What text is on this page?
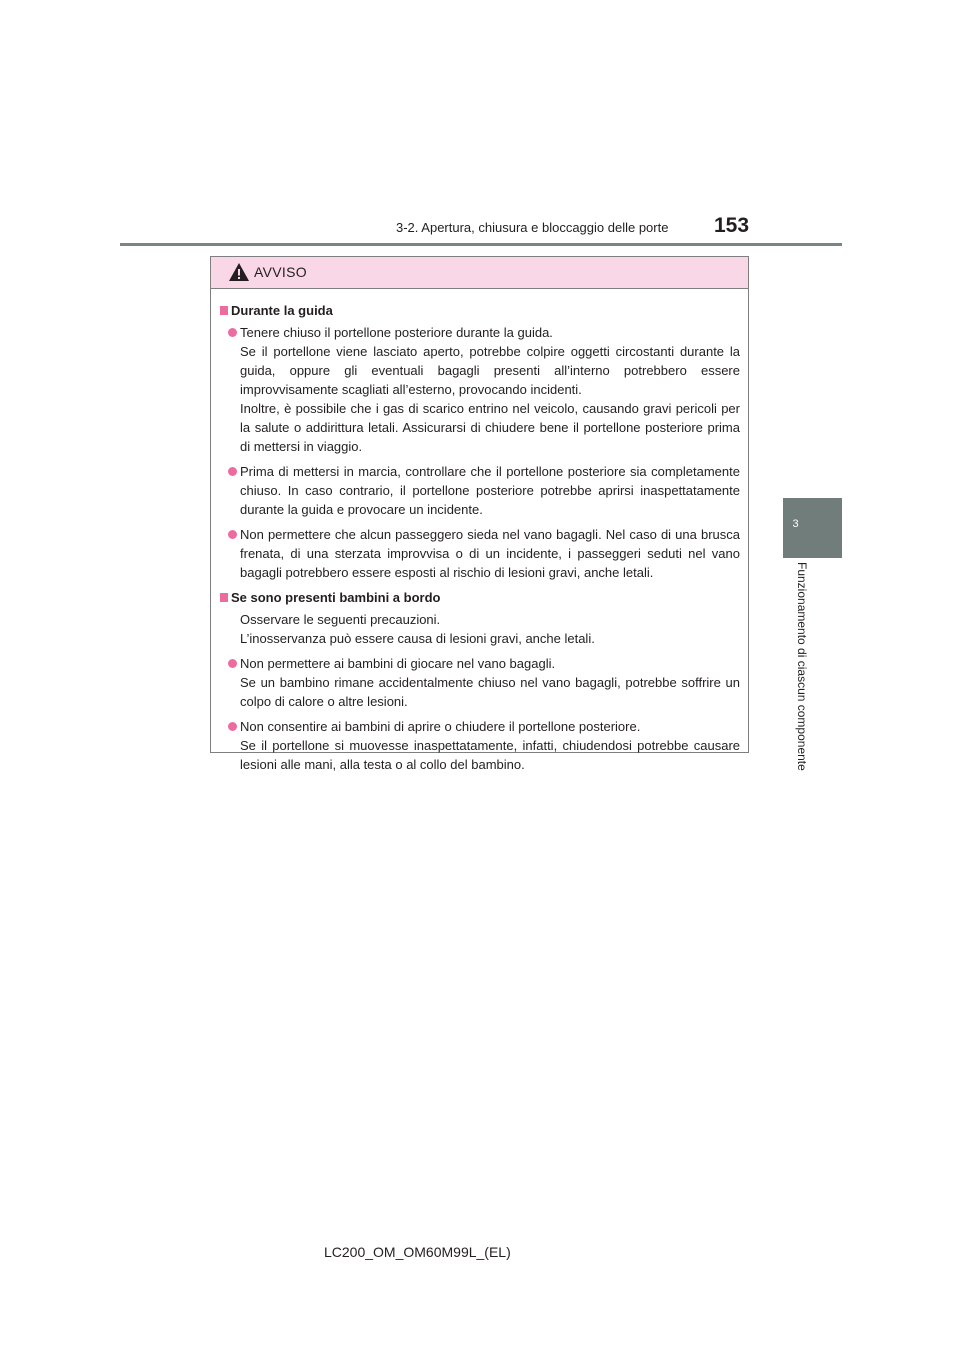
3-2. Apertura, chiusura e bloccaggio delle porte	153
3
Funzionamento di ciascun componente
AVVISO
Durante la guida

Tenere chiuso il portellone posteriore durante la guida.

Se il portellone viene lasciato aperto, potrebbe colpire oggetti circostanti durante la guida, oppure gli eventuali bagagli presenti all’interno potrebbero essere improvvisamente scagliati all’esterno, provocando incidenti.

Inoltre, è possibile che i gas di scarico entrino nel veicolo, causando gravi pericoli per la salute o addirittura letali. Assicurarsi di chiudere bene il portellone posteriore prima di mettersi in viaggio.

Prima di mettersi in marcia, controllare che il portellone posteriore sia completamente chiuso. In caso contrario, il portellone posteriore potrebbe aprirsi inaspettatamente durante la guida e provocare un incidente.

Non permettere che alcun passeggero sieda nel vano bagagli. Nel caso di una brusca frenata, di una sterzata improvvisa o di un incidente, i passeggeri seduti nel vano bagagli potrebbero essere esposti al rischio di lesioni gravi, anche letali.

Se sono presenti bambini a bordo
Osservare le seguenti precauzioni.
L’inosservanza può essere causa di lesioni gravi, anche letali.

Non permettere ai bambini di giocare nel vano bagagli.

Se un bambino rimane accidentalmente chiuso nel vano bagagli, potrebbe soffrire un colpo di calore o altre lesioni.

Non consentire ai bambini di aprire o chiudere il portellone posteriore.

Se il portellone si muovesse inaspettatamente, infatti, chiudendosi potrebbe causare lesioni alle mani, alla testa o al collo del bambino.

LC200_OM_OM60M99L_(EL)
